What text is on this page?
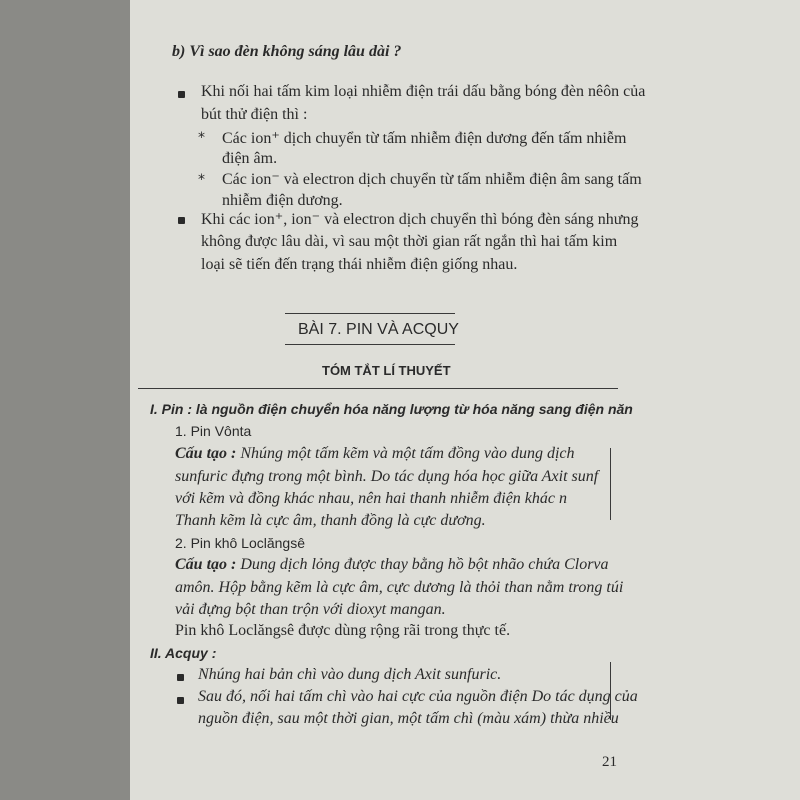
b) Vì sao đèn không sáng lâu dài ?
Khi nối hai tấm kim loại nhiễm điện trái dấu bằng bóng đèn nêôn của
bút thử điện thì :
* Các ion⁺ dịch chuyển từ tấm nhiễm điện dương đến tấm nhiễm
điện âm.
* Các ion⁻ và electron dịch chuyển từ tấm nhiễm điện âm sang tấm
nhiễm điện dương.
Khi các ion⁺, ion⁻ và electron dịch chuyển thì bóng đèn sáng nhưng
không được lâu dài, vì sau một thời gian rất ngắn thì hai tấm kim
loại sẽ tiến đến trạng thái nhiễm điện giống nhau.
BÀI 7. PIN VÀ ACQUY
TÓM TẮT LÍ THUYẾT
I. Pin : là nguồn điện chuyển hóa năng lượng từ hóa năng sang điện năn
1. Pin Vônta
Cấu tạo : Nhúng một tấm kẽm và một tấm đồng vào dung dịch
sunfuric đựng trong một bình. Do tác dụng hóa học giữa Axit sunf
với kẽm và đồng khác nhau, nên hai thanh nhiễm điện khác n
Thanh kẽm là cực âm, thanh đồng là cực dương.
2. Pin khô Loclăngsê
Cấu tạo : Dung dịch lỏng được thay bằng hồ bột nhão chứa Clorva
amôn. Hộp bằng kẽm là cực âm, cực dương là thỏi than nằm trong túi
vải đựng bột than trộn với dioxyt mangan.
Pin khô Loclăngsê được dùng rộng rãi trong thực tế.
II. Acquy :
Nhúng hai bản chì vào dung dịch Axit sunfuric.
Sau đó, nối hai tấm chì vào hai cực của nguồn điện Do tác dụng của
nguồn điện, sau một thời gian, một tấm chì (màu xám) thừa nhiều
21
